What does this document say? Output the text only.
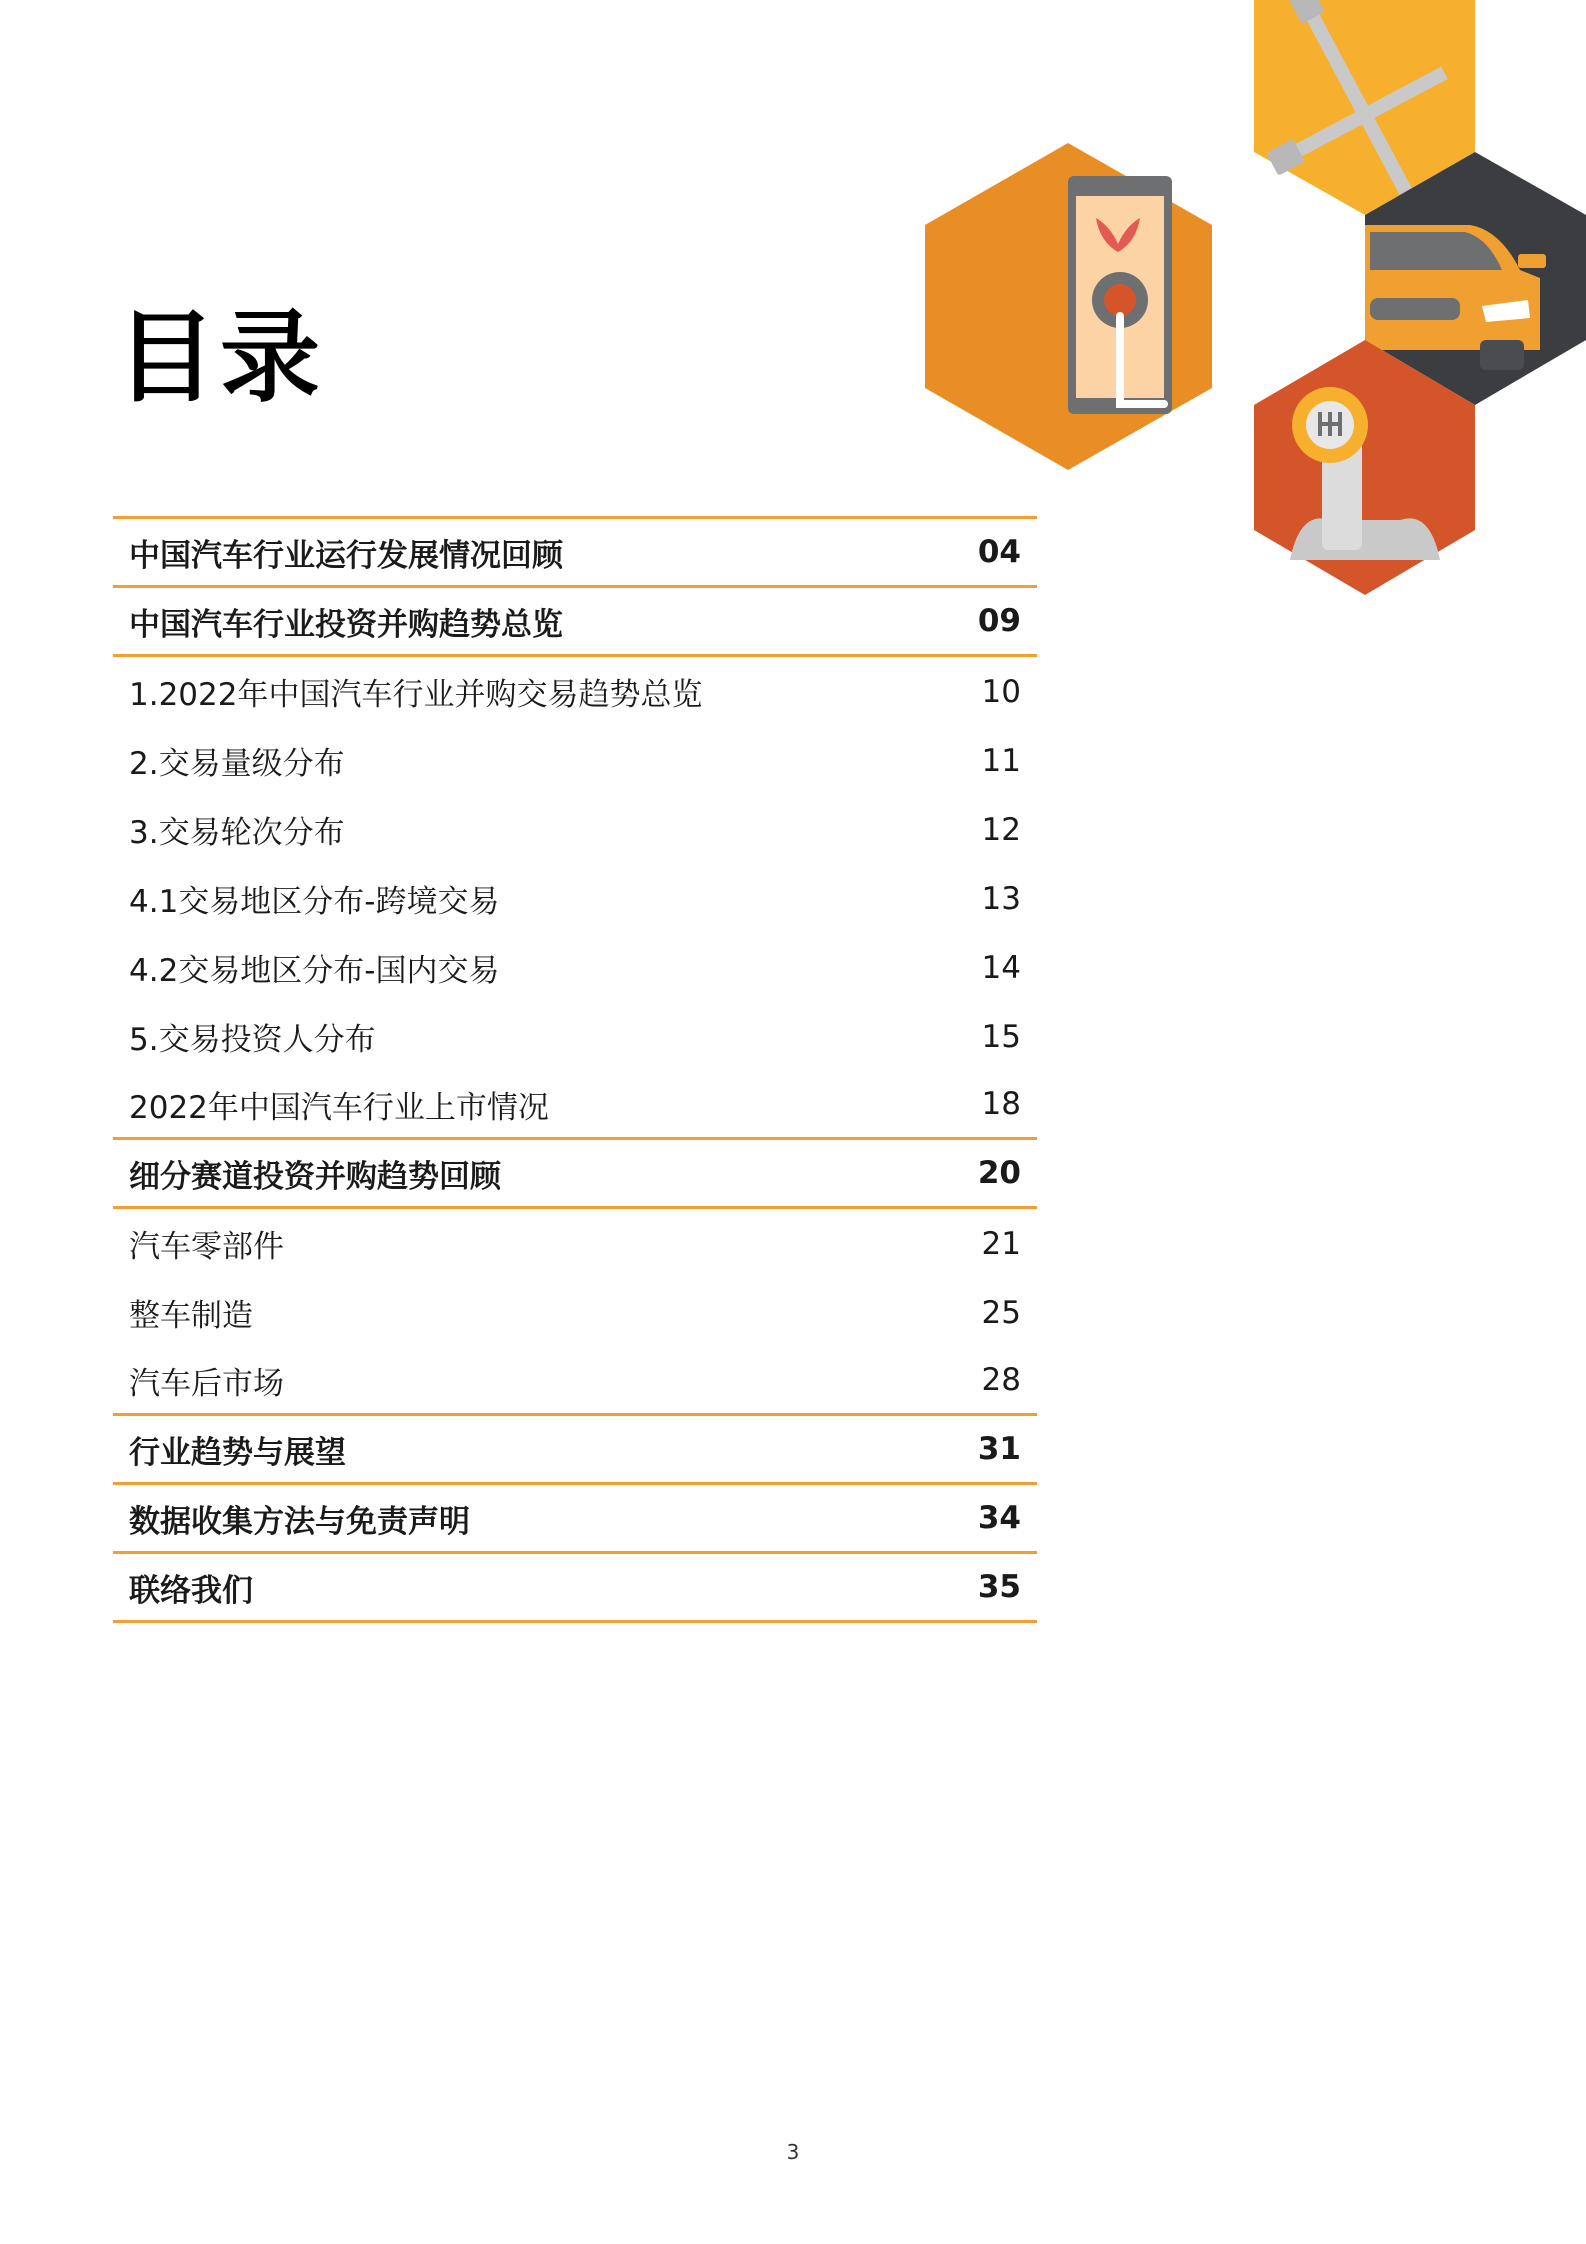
目录
中国汽车行业运行发展情况回顾	04
中国汽车行业投资并购趋势总览	09
1.2022年中国汽车行业并购交易趋势总览	10
2.交易量级分布	11
3.交易轮次分布	12
4.1交易地区分布-跨境交易	13
4.2交易地区分布-国内交易	14
5.交易投资人分布	15
2022年中国汽车行业上市情况	18
细分赛道投资并购趋势回顾	20
汽车零部件	21
整车制造	25
汽车后市场	28
行业趋势与展望	31
数据收集方法与免责声明	34
联络我们	35
3
